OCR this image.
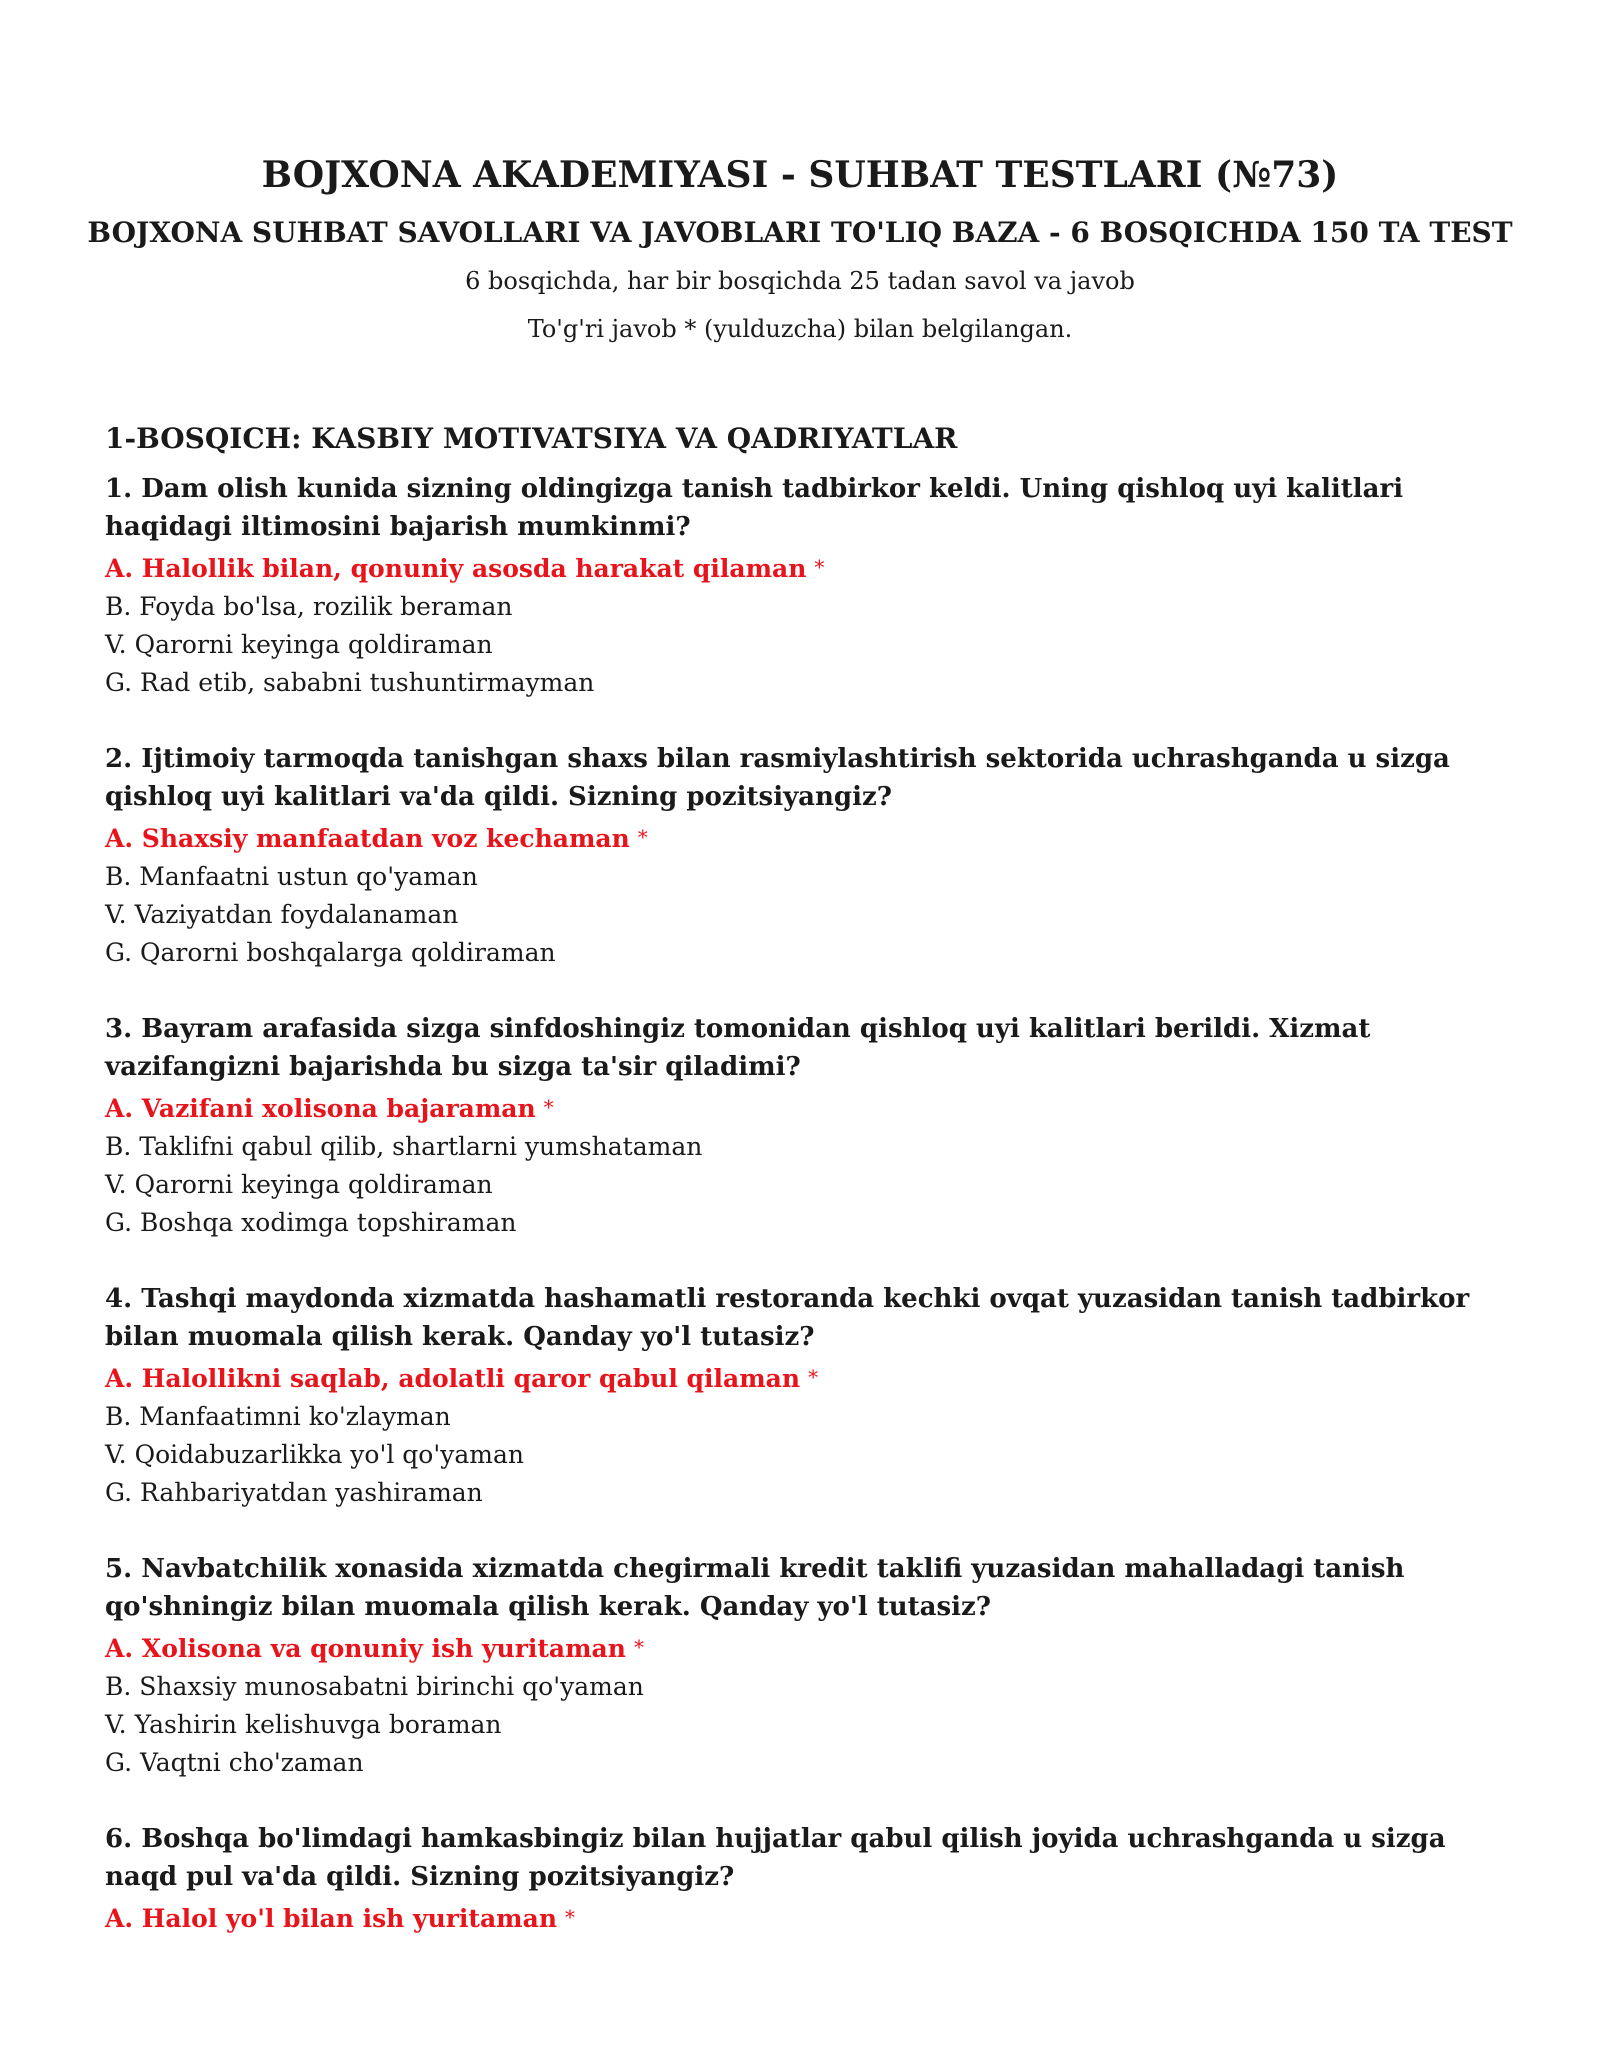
BOJXONA AKADEMIYASI - SUHBAT TESTLARI (№73)

BOJXONA SUHBAT SAVOLLARI VA JAVOBLARI TO'LIQ BAZA - 6 BOSQICHDA 150 TA TEST

6 bosqichda, har bir bosqichda 25 tadan savol va javob

To'g'ri javob * (yulduzcha) bilan belgilangan.

1-BOSQICH: KASBIY MOTIVATSIYA VA QADRIYATLAR

1. Dam olish kunida sizning oldingizga tanish tadbirkor keldi. Uning qishloq uyi kalitlari haqidagi iltimosini bajarish mumkinmi?

A. Halollik bilan, qonuniy asosda harakat qilaman *

B. Foyda bo'lsa, rozilik beraman

V. Qarorni keyinga qoldiraman

G. Rad etib, sababni tushuntirmayman

2. Ijtimoiy tarmoqda tanishgan shaxs bilan rasmiylashtirish sektorida uchrashganda u sizga qishloq uyi kalitlari va'da qildi. Sizning pozitsiyangiz?

A. Shaxsiy manfaatdan voz kechaman *

B. Manfaatni ustun qo'yaman

V. Vaziyatdan foydalanaman

G. Qarorni boshqalarga qoldiraman

3. Bayram arafasida sizga sinfdoshingiz tomonidan qishloq uyi kalitlari berildi. Xizmat vazifangizni bajarishda bu sizga ta'sir qiladimi?

A. Vazifani xolisona bajaraman *

B. Taklifni qabul qilib, shartlarni yumshataman

V. Qarorni keyinga qoldiraman

G. Boshqa xodimga topshiraman

4. Tashqi maydonda xizmatda hashamatli restoranda kechki ovqat yuzasidan tanish tadbirkor bilan muomala qilish kerak. Qanday yo'l tutasiz?

A. Halollikni saqlab, adolatli qaror qabul qilaman *

B. Manfaatimni ko'zlayman

V. Qoidabuzarlikka yo'l qo'yaman

G. Rahbariyatdan yashiraman

5. Navbatchilik xonasida xizmatda chegirmali kredit taklifi yuzasidan mahalladagi tanish qo'shningiz bilan muomala qilish kerak. Qanday yo'l tutasiz?

A. Xolisona va qonuniy ish yuritaman *

B. Shaxsiy munosabatni birinchi qo'yaman

V. Yashirin kelishuvga boraman

G. Vaqtni cho'zaman

6. Boshqa bo'limdagi hamkasbingiz bilan hujjatlar qabul qilish joyida uchrashganda u sizga naqd pul va'da qildi. Sizning pozitsiyangiz?

A. Halol yo'l bilan ish yuritaman *
